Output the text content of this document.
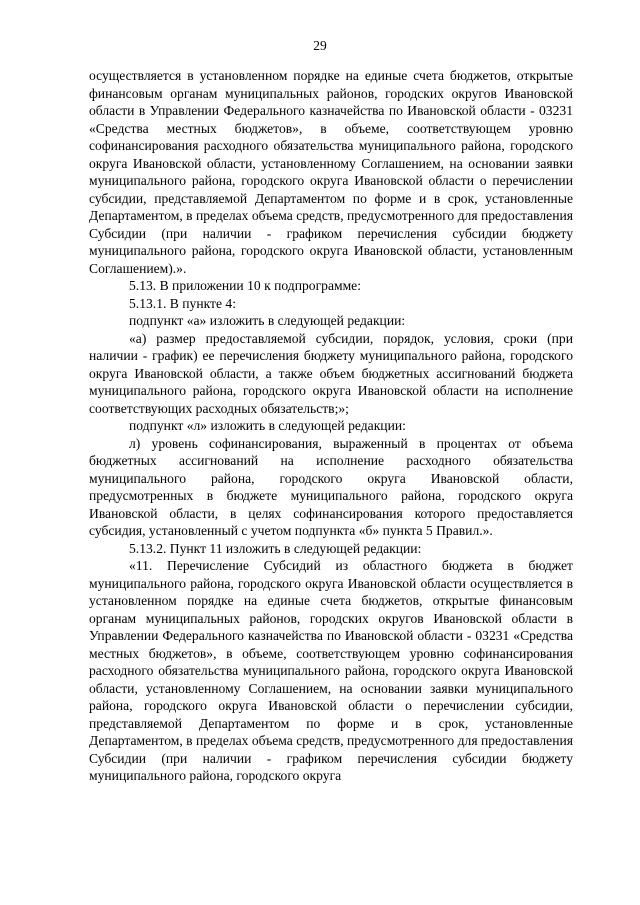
29

осуществляется в установленном порядке на единые счета бюджетов, открытые финансовым органам муниципальных районов, городских округов Ивановской области в Управлении Федерального казначейства по Ивановской области - 03231 «Средства местных бюджетов», в объеме, соответствующем уровню софинансирования расходного обязательства муниципального района, городского округа Ивановской области, установленному Соглашением, на основании заявки муниципального района, городского округа Ивановской области о перечислении субсидии, представляемой Департаментом по форме и в срок, установленные Департаментом, в пределах объема средств, предусмотренного для предоставления Субсидии (при наличии - графиком перечисления субсидии бюджету муниципального района, городского округа Ивановской области, установленным Соглашением).».

5.13. В приложении 10 к подпрограмме:

5.13.1. В пункте 4:

подпункт «а» изложить в следующей редакции:

«а) размер предоставляемой субсидии, порядок, условия, сроки (при наличии - график) ее перечисления бюджету муниципального района, городского округа Ивановской области, а также объем бюджетных ассигнований бюджета муниципального района, городского округа Ивановской области на исполнение соответствующих расходных обязательств;»;

подпункт «л» изложить в следующей редакции:

л) уровень софинансирования, выраженный в процентах от объема бюджетных ассигнований на исполнение расходного обязательства муниципального района, городского округа Ивановской области, предусмотренных в бюджете муниципального района, городского округа Ивановской области, в целях софинансирования которого предоставляется субсидия, установленный с учетом подпункта «б» пункта 5 Правил.».

5.13.2. Пункт 11 изложить в следующей редакции:

«11. Перечисление Субсидий из областного бюджета в бюджет муниципального района, городского округа Ивановской области осуществляется в установленном порядке на единые счета бюджетов, открытые финансовым органам муниципальных районов, городских округов Ивановской области в Управлении Федерального казначейства по Ивановской области - 03231 «Средства местных бюджетов», в объеме, соответствующем уровню софинансирования расходного обязательства муниципального района, городского округа Ивановской области, установленному Соглашением, на основании заявки муниципального района, городского округа Ивановской области о перечислении субсидии, представляемой Департаментом по форме и в срок, установленные Департаментом, в пределах объема средств, предусмотренного для предоставления Субсидии (при наличии - графиком перечисления субсидии бюджету муниципального района, городского округа
